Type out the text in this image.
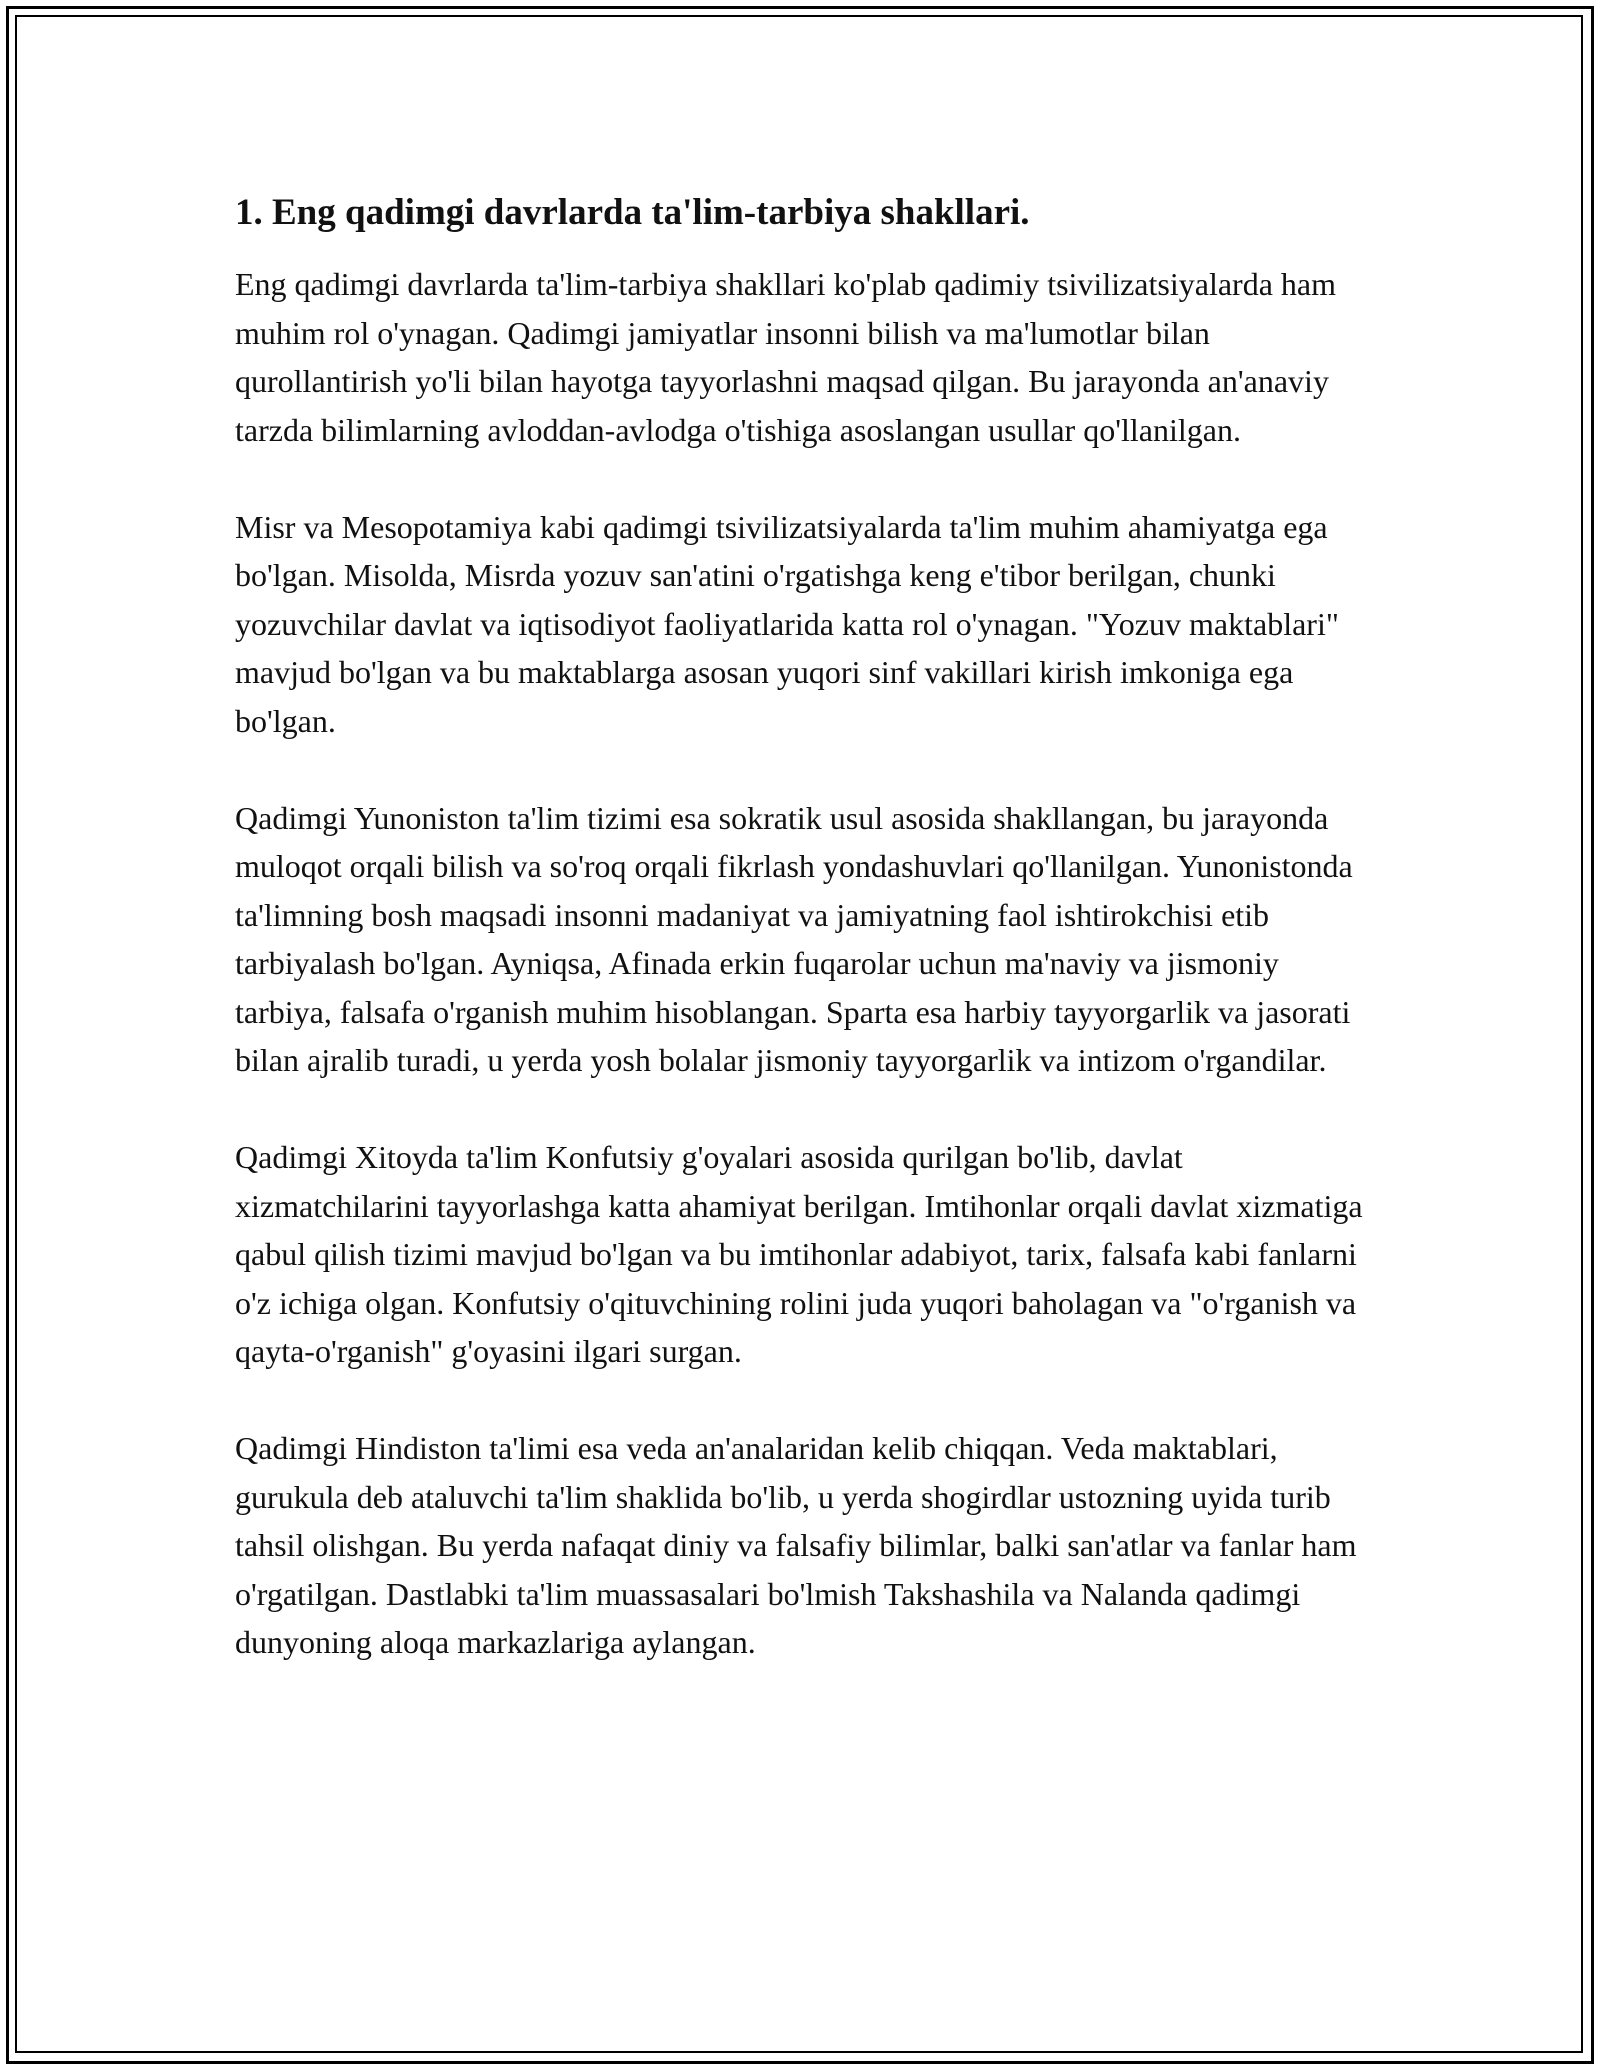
1. Eng qadimgi davrlarda ta'lim-tarbiya shakllari.

Eng qadimgi davrlarda ta'lim-tarbiya shakllari ko'plab qadimiy tsivilizatsiyalarda ham muhim rol o'ynagan. Qadimgi jamiyatlar insonni bilish va ma'lumotlar bilan qurollantirish yo'li bilan hayotga tayyorlashni maqsad qilgan. Bu jarayonda an'anaviy tarzda bilimlarning avloddan-avlodga o'tishiga asoslangan usullar qo'llanilgan.

Misr va Mesopotamiya kabi qadimgi tsivilizatsiyalarda ta'lim muhim ahamiyatga ega bo'lgan. Misolda, Misrda yozuv san'atini o'rgatishga keng e'tibor berilgan, chunki yozuvchilar davlat va iqtisodiyot faoliyatlarida katta rol o'ynagan. "Yozuv maktablari" mavjud bo'lgan va bu maktablarga asosan yuqori sinf vakillari kirish imkoniga ega bo'lgan.

Qadimgi Yunoniston ta'lim tizimi esa sokratik usul asosida shakllangan, bu jarayonda muloqot orqali bilish va so'roq orqali fikrlash yondashuvlari qo'llanilgan. Yunonistonda ta'limning bosh maqsadi insonni madaniyat va jamiyatning faol ishtirokchisi etib tarbiyalash bo'lgan. Ayniqsa, Afinada erkin fuqarolar uchun ma'naviy va jismoniy tarbiya, falsafa o'rganish muhim hisoblangan. Sparta esa harbiy tayyorgarlik va jasorati bilan ajralib turadi, u yerda yosh bolalar jismoniy tayyorgarlik va intizom o'rgandilar.

Qadimgi Xitoyda ta'lim Konfutsiy g'oyalari asosida qurilgan bo'lib, davlat xizmatchilarini tayyorlashga katta ahamiyat berilgan. Imtihonlar orqali davlat xizmatiga qabul qilish tizimi mavjud bo'lgan va bu imtihonlar adabiyot, tarix, falsafa kabi fanlarni o'z ichiga olgan. Konfutsiy o'qituvchining rolini juda yuqori baholagan va "o'rganish va qayta-o'rganish" g'oyasini ilgari surgan.

Qadimgi Hindiston ta'limi esa veda an'analaridan kelib chiqqan. Veda maktablari, gurukula deb ataluvchi ta'lim shaklida bo'lib, u yerda shogirdlar ustozning uyida turib tahsil olishgan. Bu yerda nafaqat diniy va falsafiy bilimlar, balki san'atlar va fanlar ham o'rgatilgan. Dastlabki ta'lim muassasalari bo'lmish Takshashila va Nalanda qadimgi dunyoning aloqa markazlariga aylangan.
